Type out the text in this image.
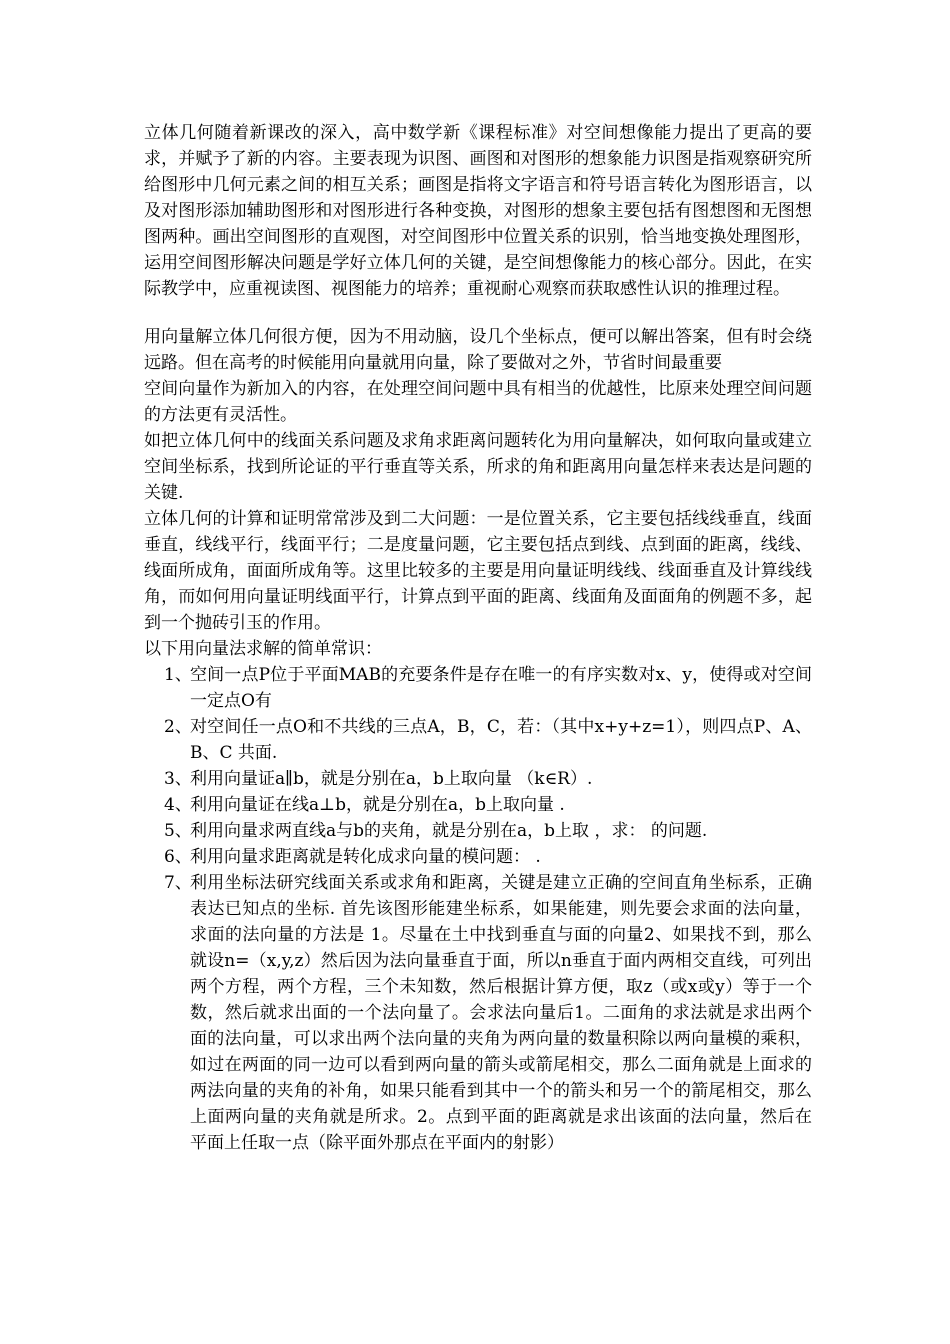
立体几何随着新课改的深入，高中数学新《课程标准》对空间想像能力提出了更高的要求，并赋予了新的内容。主要表现为识图、画图和对图形的想象能力识图是指观察研究所给图形中几何元素之间的相互关系；画图是指将文字语言和符号语言转化为图形语言，以及对图形添加辅助图形和对图形进行各种变换，对图形的想象主要包括有图想图和无图想图两种。画出空间图形的直观图，对空间图形中位置关系的识别，恰当地变换处理图形，运用空间图形解决问题是学好立体几何的关键，是空间想像能力的核心部分。因此，在实际教学中，应重视读图、视图能力的培养；重视耐心观察而获取感性认识的推理过程。

用向量解立体几何很方便，因为不用动脑，设几个坐标点，便可以解出答案，但有时会绕远路。但在高考的时候能用向量就用向量，除了要做对之外，节省时间最重要

空间向量作为新加入的内容，在处理空间问题中具有相当的优越性，比原来处理空间问题的方法更有灵活性。

如把立体几何中的线面关系问题及求角求距离问题转化为用向量解决，如何取向量或建立空间坐标系，找到所论证的平行垂直等关系，所求的角和距离用向量怎样来表达是问题的关键.

立体几何的计算和证明常常涉及到二大问题：一是位置关系，它主要包括线线垂直，线面垂直，线线平行，线面平行；二是度量问题，它主要包括点到线、点到面的距离，线线、线面所成角，面面所成角等。这里比较多的主要是用向量证明线线、线面垂直及计算线线角，而如何用向量证明线面平行，计算点到平面的距离、线面角及面面角的例题不多，起到一个抛砖引玉的作用。

以下用向量法求解的简单常识：

1、
空间一点P位于平面MAB的充要条件是存在唯一的有序实数对x、y，使得或对空间一定点O有
2、
对空间任一点O和不共线的三点A，B，C，若：（其中x+y+z=1），则四点P、A、B、C 共面.
3、
利用向量证a∥b，就是分别在a，b上取向量 （k∈R）.
4、
利用向量证在线a⊥b，就是分别在a，b上取向量 .
5、
利用向量求两直线a与b的夹角，就是分别在a，b上取 ，求： 的问题.
6、
利用向量求距离就是转化成求向量的模问题： .
7、
利用坐标法研究线面关系或求角和距离，关键是建立正确的空间直角坐标系，正确表达已知点的坐标. 首先该图形能建坐标系，如果能建，则先要会求面的法向量，求面的法向量的方法是 1。尽量在土中找到垂直与面的向量2、如果找不到，那么就设n=（x,y,z）然后因为法向量垂直于面，所以n垂直于面内两相交直线，可列出两个方程，两个方程，三个未知数，然后根据计算方便，取z（或x或y）等于一个数，然后就求出面的一个法向量了。会求法向量后1。二面角的求法就是求出两个面的法向量，可以求出两个法向量的夹角为两向量的数量积除以两向量模的乘积，如过在两面的同一边可以看到两向量的箭头或箭尾相交，那么二面角就是上面求的两法向量的夹角的补角，如果只能看到其中一个的箭头和另一个的箭尾相交，那么上面两向量的夹角就是所求。2。点到平面的距离就是求出该面的法向量，然后在平面上任取一点（除平面外那点在平面内的射影）
